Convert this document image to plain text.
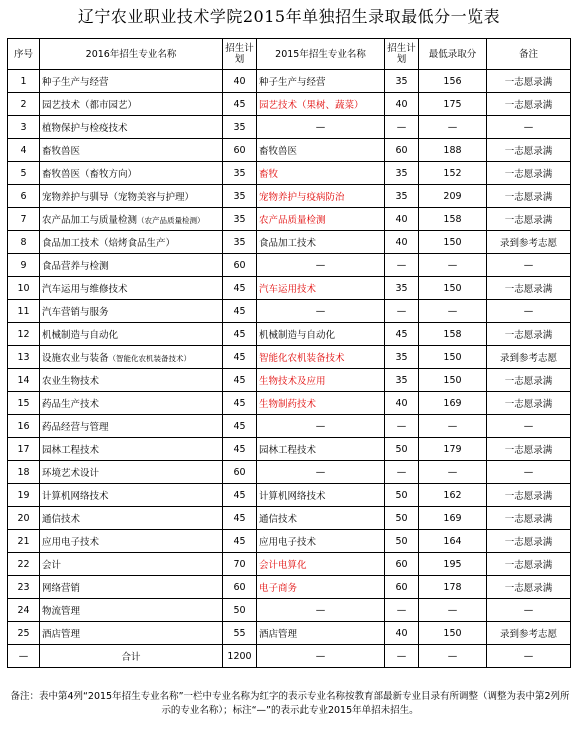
辽宁农业职业技术学院2015年单独招生录取最低分一览表
序号	2016年招生专业名称	招生计划	2015年招生专业名称	招生计划	最低录取分	备注
1	种子生产与经营	40	种子生产与经营	35	156	一志愿录满
2	园艺技术（都市园艺）	45	园艺技术（果树、蔬菜）	40	175	一志愿录满
3	植物保护与检疫技术	35	—	—	—	—
4	畜牧兽医	60	畜牧兽医	60	188	一志愿录满
5	畜牧兽医（畜牧方向）	35	畜牧	35	152	一志愿录满
6	宠物养护与驯导（宠物美容与护理）	35	宠物养护与疫病防治	35	209	一志愿录满
7	农产品加工与质量检测（农产品质量检测）	35	农产品质量检测	40	158	一志愿录满
8	食品加工技术（焙烤食品生产）	35	食品加工技术	40	150	录到参考志愿
9	食品营养与检测	60	—	—	—	—
10	汽车运用与维修技术	45	汽车运用技术	35	150	一志愿录满
11	汽车营销与服务	45	—	—	—	—
12	机械制造与自动化	45	机械制造与自动化	45	158	一志愿录满
13	设施农业与装备（智能化农机装备技术）	45	智能化农机装备技术	35	150	录到参考志愿
14	农业生物技术	45	生物技术及应用	35	150	一志愿录满
15	药品生产技术	45	生物制药技术	40	169	一志愿录满
16	药品经营与管理	45	—	—	—	—
17	园林工程技术	45	园林工程技术	50	179	一志愿录满
18	环境艺术设计	60	—	—	—	—
19	计算机网络技术	45	计算机网络技术	50	162	一志愿录满
20	通信技术	45	通信技术	50	169	一志愿录满
21	应用电子技术	45	应用电子技术	50	164	一志愿录满
22	会计	70	会计电算化	60	195	一志愿录满
23	网络营销	60	电子商务	60	178	一志愿录满
24	物流管理	50	—	—	—	—
25	酒店管理	55	酒店管理	40	150	录到参考志愿
—	合计	1200	—	—	—	—
备注：表中第4列“2015年招生专业名称”一栏中专业名称为红字的表示专业名称按教育部最新专业目录有所调整（调整为表中第2列所示的专业名称）；标注“—”的表示此专业2015年单招未招生。
